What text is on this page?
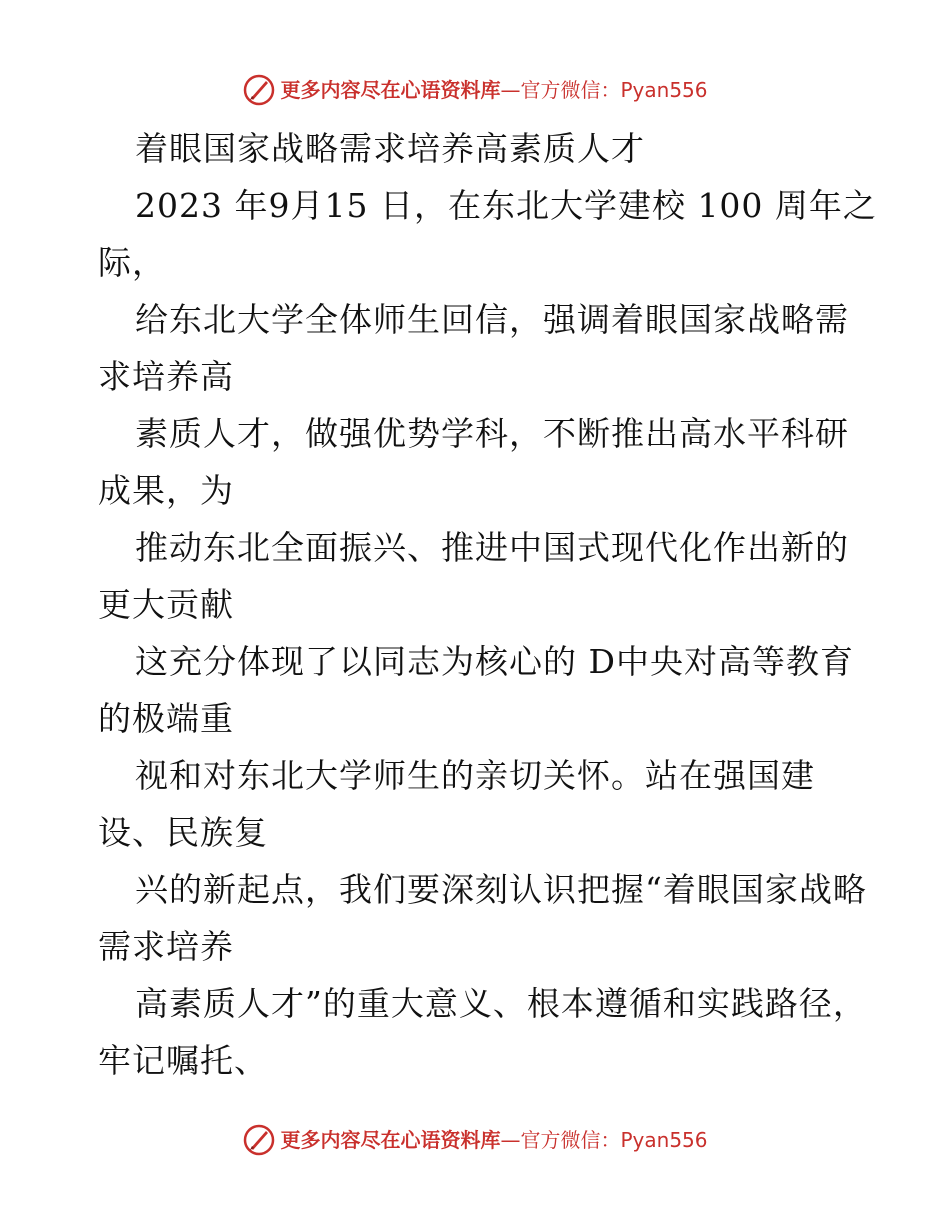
更多内容尽在心语资料库—官方微信：Pyan556

着眼国家战略需求培养高素质人才

2023 年9月15 日，在东北大学建校 100 周年之际，

给东北大学全体师生回信，强调着眼国家战略需求培养高

素质人才，做强优势学科，不断推出高水平科研成果，为

推动东北全面振兴、推进中国式现代化作出新的更大贡献

这充分体现了以同志为核心的 D中央对高等教育的极端重

视和对东北大学师生的亲切关怀。站在强国建设、民族复

兴的新起点，我们要深刻认识把握“着眼国家战略需求培养

高素质人才”的重大意义、根本遵循和实践路径，牢记嘱托、

更多内容尽在心语资料库—官方微信：Pyan556
